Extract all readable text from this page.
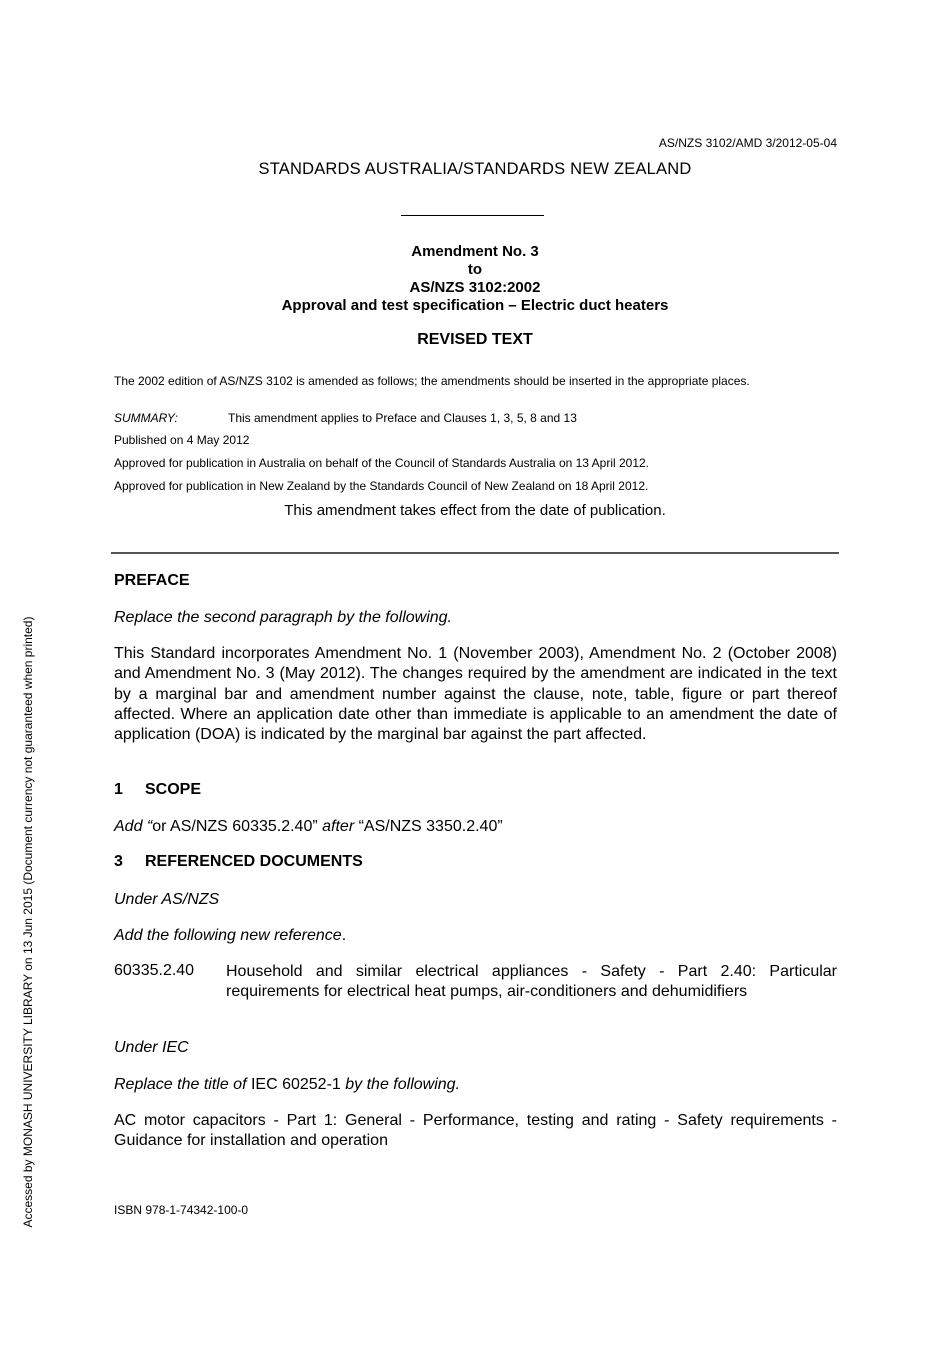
AS/NZS 3102/AMD 3/2012-05-04
STANDARDS AUSTRALIA/STANDARDS NEW ZEALAND
Amendment No. 3
to
AS/NZS 3102:2002
Approval and test specification – Electric duct heaters
REVISED TEXT
The 2002 edition of AS/NZS 3102 is amended as follows; the amendments should be inserted in the appropriate places.
SUMMARY:	This amendment applies to Preface and Clauses 1, 3, 5, 8 and 13
Published on 4 May 2012
Approved for publication in Australia on behalf of the Council of Standards Australia on 13 April 2012.
Approved for publication in New Zealand by the Standards Council of New Zealand on 18 April 2012.
This amendment takes effect from the date of publication.
PREFACE
Replace the second paragraph by the following.
This Standard incorporates Amendment No. 1 (November 2003), Amendment No. 2 (October 2008) and Amendment No. 3 (May 2012). The changes required by the amendment are indicated in the text by a marginal bar and amendment number against the clause, note, table, figure or part thereof affected. Where an application date other than immediate is applicable to an amendment the date of application (DOA) is indicated by the marginal bar against the part affected.
1 SCOPE
Add “or AS/NZS 60335.2.40” after “AS/NZS 3350.2.40”
3 REFERENCED DOCUMENTS
Under AS/NZS
Add the following new reference.
60335.2.40 Household and similar electrical appliances - Safety - Part 2.40: Particular requirements for electrical heat pumps, air-conditioners and dehumidifiers
Under IEC
Replace the title of IEC 60252-1 by the following.
AC motor capacitors - Part 1: General - Performance, testing and rating - Safety requirements - Guidance for installation and operation
ISBN 978-1-74342-100-0
Accessed by MONASH UNIVERSITY LIBRARY on 13 Jun 2015 (Document currency not guaranteed when printed)
